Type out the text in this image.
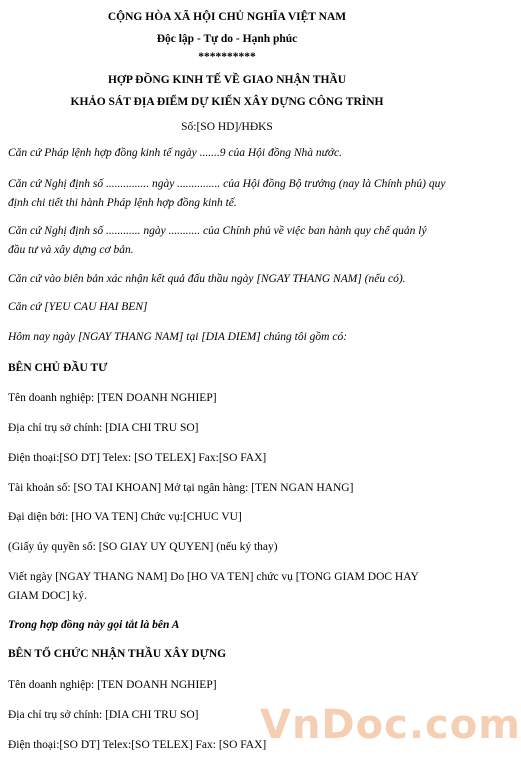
CỘNG HÒA XÃ HỘI CHỦ NGHĨA VIỆT NAM
Độc lập - Tự do - Hạnh phúc
**********
HỢP ĐỒNG KINH TẾ VỀ GIAO NHẬN THẦU
KHẢO SÁT ĐỊA ĐIỂM DỰ KIẾN XÂY DỰNG CÔNG TRÌNH
Số:[SO HD]/HĐKS
Căn cứ Pháp lệnh hợp đồng kinh tế ngày .......9 của Hội đồng Nhà nước.
Căn cứ Nghị định số ............... ngày ............... của Hội đồng Bộ trưởng (nay là Chính phủ) quy định chi tiết thi hành Pháp lệnh hợp đồng kinh tế.
Căn cứ Nghị định số ............ ngày ........... của Chính phủ về việc ban hành quy chế quản lý đầu tư và xây dựng cơ bản.
Căn cứ vào biên bản xác nhận kết quả đấu thầu ngày [NGAY THANG NAM] (nếu có).
Căn cứ [YEU CAU HAI BEN]
Hôm nay ngày [NGAY THANG NAM] tại [DIA DIEM] chúng tôi gồm có:
BÊN CHỦ ĐẦU TƯ
Tên doanh nghiệp: [TEN DOANH NGHIEP]
Địa chỉ trụ sở chính: [DIA CHI TRU SO]
Điện thoại:[SO DT] Telex: [SO TELEX] Fax:[SO FAX]
Tài khoản số: [SO TAI KHOAN] Mở tại ngân hàng: [TEN NGAN HANG]
Đại diện bởi: [HO VA TEN] Chức vụ:[CHUC VU]
(Giấy ủy quyền số: [SO GIAY UY QUYEN] (nếu ký thay)
Viết ngày [NGAY THANG NAM] Do [HO VA TEN] chức vụ [TONG GIAM DOC HAY GIAM DOC] ký.
Trong hợp đồng này gọi tắt là bên A
BÊN TỔ CHỨC NHẬN THẦU XÂY DỰNG
Tên doanh nghiệp: [TEN DOANH NGHIEP]
Địa chỉ trụ sở chính: [DIA CHI TRU SO]
Điện thoại:[SO DT] Telex:[SO TELEX] Fax: [SO FAX]
VnDoc.com
